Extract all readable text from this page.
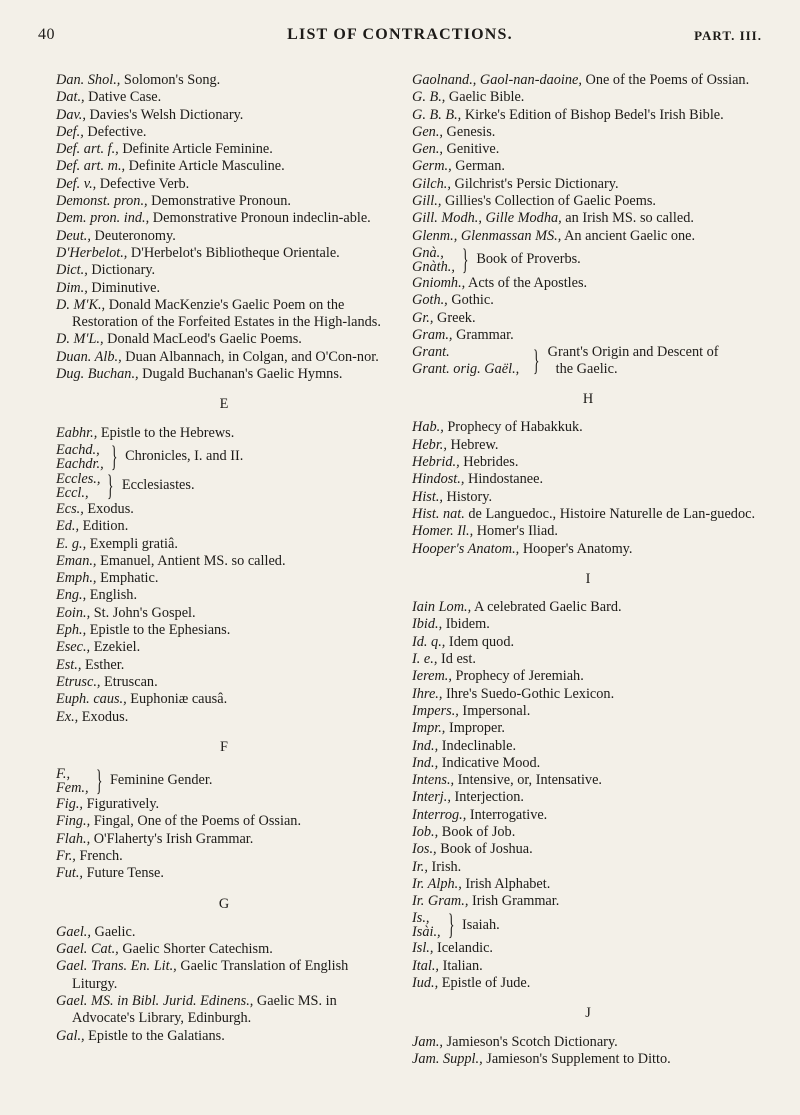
40	LIST OF CONTRACTIONS.	PART. III.

Dan. Shol., Solomon's Song.

Dat., Dative Case.

Dav., Davies's Welsh Dictionary.

Def., Defective.

Def. art. f., Definite Article Feminine.

Def. art. m., Definite Article Masculine.

Def. v., Defective Verb.

Demonst. pron., Demonstrative Pronoun.

Dem. pron. ind., Demonstrative Pronoun indeclin-able.

Deut., Deuteronomy.

D'Herbelot., D'Herbelot's Bibliotheque Orientale.

Dict., Dictionary.

Dim., Diminutive.

D. M'K., Donald MacKenzie's Gaelic Poem on the Restoration of the Forfeited Estates in the High-lands.

D. M'L., Donald MacLeod's Gaelic Poems.

Duan. Alb., Duan Albannach, in Colgan, and O'Con-nor.

Dug. Buchan., Dugald Buchanan's Gaelic Hymns.

E

Eabhr., Epistle to the Hebrews.

Eachd.,
Eachdr., } Chronicles, I. and II.
Eccles.,
Eccl., } Ecclesiastes.

Ecs., Exodus.

Ed., Edition.

E. g., Exempli gratiâ.

Eman., Emanuel, Antient MS. so called.

Emph., Emphatic.

Eng., English.

Eoin., St. John's Gospel.

Eph., Epistle to the Ephesians.

Esec., Ezekiel.

Est., Esther.

Etrusc., Etruscan.

Euph. caus., Euphoniæ causâ.

Ex., Exodus.

F
F.,
Fem., } Feminine Gender.

Fig., Figuratively.

Fing., Fingal, One of the Poems of Ossian.

Flah., O'Flaherty's Irish Grammar.

Fr., French.

Fut., Future Tense.

G

Gael., Gaelic.

Gael. Cat., Gaelic Shorter Catechism.

Gael. Trans. En. Lit., Gaelic Translation of English Liturgy.

Gael. MS. in Bibl. Jurid. Edinens., Gaelic MS. in Advocate's Library, Edinburgh.

Gal., Epistle to the Galatians.

Gaolnand., Gaol-nan-daoine, One of the Poems of Ossian.

G. B., Gaelic Bible.

G. B. B., Kirke's Edition of Bishop Bedel's Irish Bible.

Gen., Genesis.

Gen., Genitive.

Germ., German.

Gilch., Gilchrist's Persic Dictionary.

Gill., Gillies's Collection of Gaelic Poems.

Gill. Modh., Gille Modha, an Irish MS. so called.

Glenm., Glenmassan MS., An ancient Gaelic one.

Gnà.,
Gnàth., } Book of Proverbs.

Gniomh., Acts of the Apostles.

Goth., Gothic.

Gr., Greek.

Gram., Grammar.

Grant.
Grant. orig. Gaël., } Grant's Origin and Descent of
the Gaelic.
H

Hab., Prophecy of Habakkuk.

Hebr., Hebrew.

Hebrid., Hebrides.

Hindost., Hindostanee.

Hist., History.

Hist. nat. de Languedoc., Histoire Naturelle de Lan-guedoc.

Homer. Il., Homer's Iliad.

Hooper's Anatom., Hooper's Anatomy.

I

Iain Lom., A celebrated Gaelic Bard.

Ibid., Ibidem.

Id. q., Idem quod.

I. e., Id est.

Ierem., Prophecy of Jeremiah.

Ihre., Ihre's Suedo-Gothic Lexicon.

Impers., Impersonal.

Impr., Improper.

Ind., Indeclinable.

Ind., Indicative Mood.

Intens., Intensive, or, Intensative.

Interj., Interjection.

Interrog., Interrogative.

Iob., Book of Job.

Ios., Book of Joshua.

Ir., Irish.

Ir. Alph., Irish Alphabet.

Ir. Gram., Irish Grammar.

Is.,
Isài., } Isaiah.

Isl., Icelandic.

Ital., Italian.

Iud., Epistle of Jude.

J

Jam., Jamieson's Scotch Dictionary.

Jam. Suppl., Jamieson's Supplement to Ditto.
